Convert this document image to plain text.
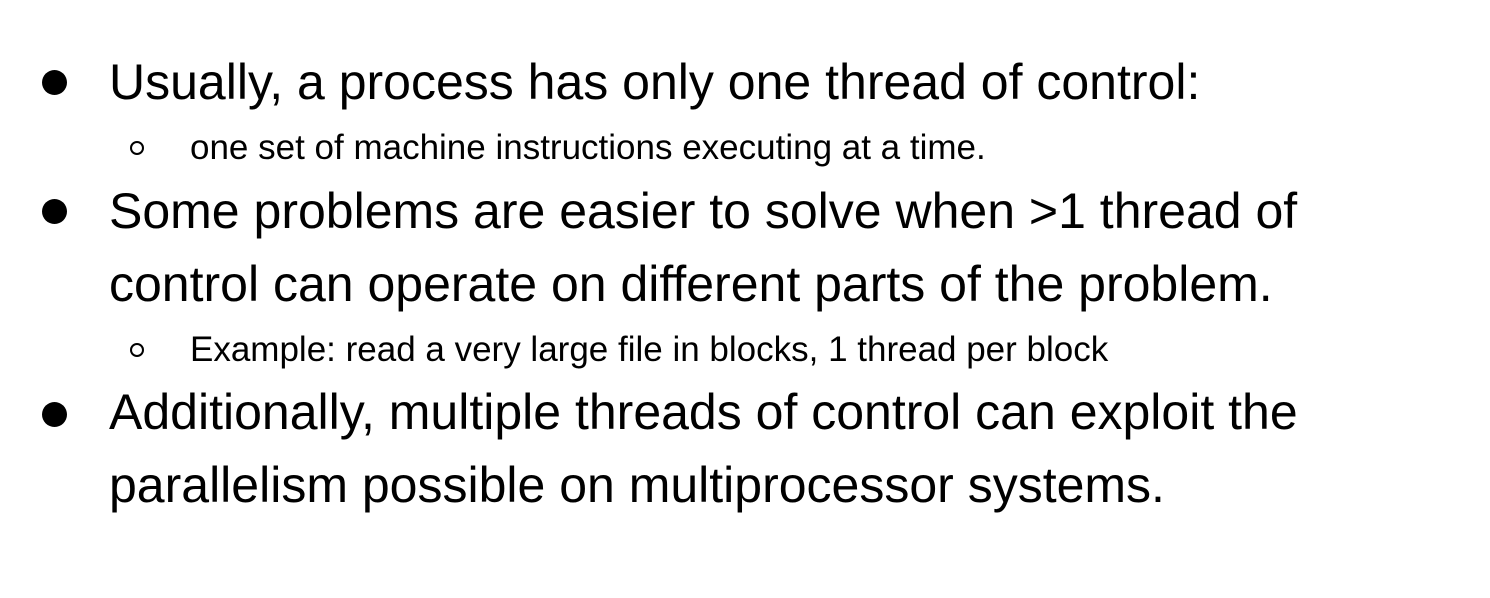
Usually, a process has only one thread of control:
one set of machine instructions executing at a time.
Some problems are easier to solve when >1 thread of
control can operate on different parts of the problem.
Example: read a very large file in blocks, 1 thread per block
Additionally, multiple threads of control can exploit the
parallelism possible on multiprocessor systems.
